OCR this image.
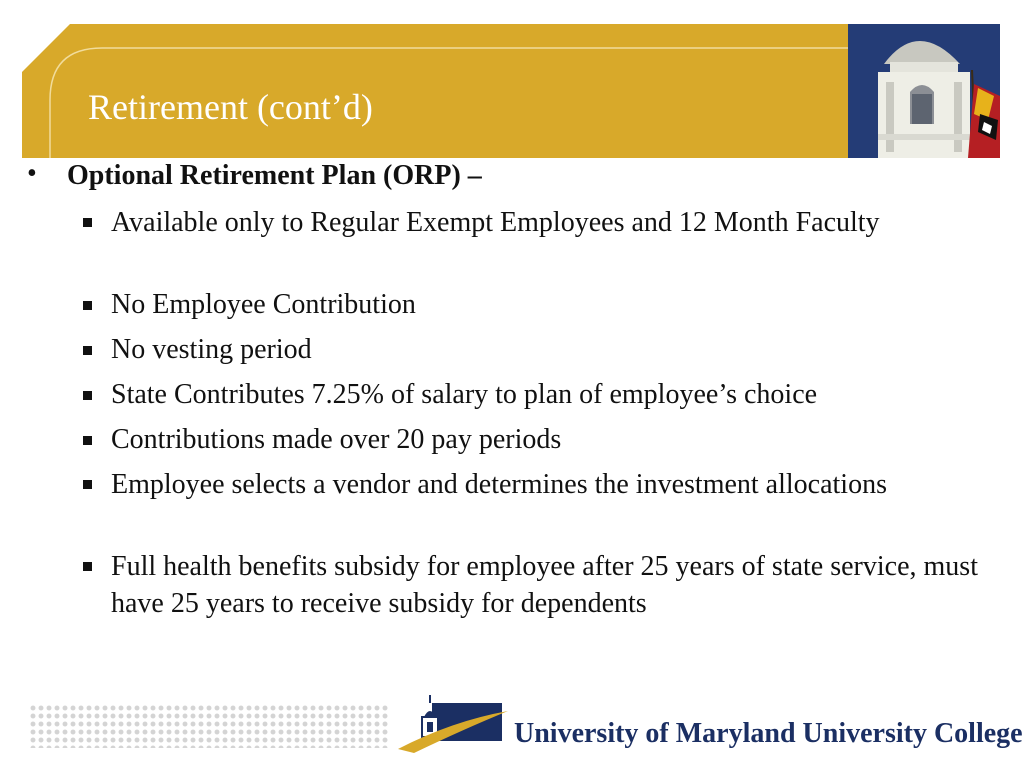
Retirement (cont’d)
• Optional Retirement Plan (ORP) –

Available only to Regular Exempt Employees and 12 Month Faculty

No Employee Contribution

No vesting period

State Contributes 7.25% of salary to plan of employee’s choice

Contributions made over 20 pay periods

Employee selects a vendor and determines the investment allocations

Full health benefits subsidy for employee after 25 years of state service, must have 25 years to receive subsidy for dependents

University of Maryland University College
